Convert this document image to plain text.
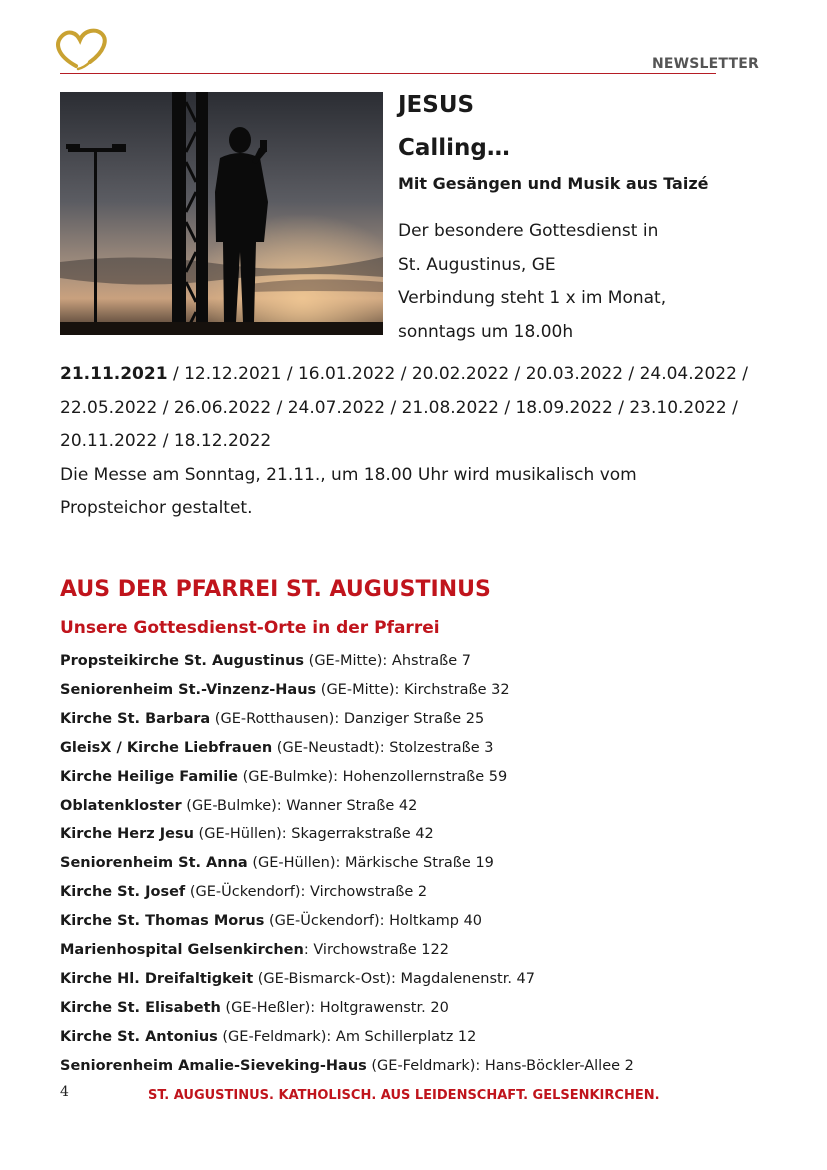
NEWSLETTER
JESUS
Calling…
Mit Gesängen und Musik aus Taizé
Der besondere Gottesdienst in
St. Augustinus, GE
Verbindung steht 1 x im Monat,
sonntags um 18.00h
21.11.2021 / 12.12.2021 / 16.01.2022 / 20.02.2022 / 20.03.2022 / 24.04.2022 /
22.05.2022 / 26.06.2022 / 24.07.2022 / 21.08.2022 / 18.09.2022 / 23.10.2022 /
20.11.2022 / 18.12.2022
Die Messe am Sonntag, 21.11., um 18.00 Uhr wird musikalisch vom
Propsteichor gestaltet.
AUS DER PFARREI ST. AUGUSTINUS
Unsere Gottesdienst-Orte in der Pfarrei
Propsteikirche St. Augustinus (GE-Mitte): Ahstraße 7
Seniorenheim St.-Vinzenz-Haus (GE-Mitte): Kirchstraße 32
Kirche St. Barbara (GE-Rotthausen): Danziger Straße 25
GleisX / Kirche Liebfrauen (GE-Neustadt): Stolzestraße 3
Kirche Heilige Familie (GE-Bulmke): Hohenzollernstraße 59
Oblatenkloster (GE-Bulmke): Wanner Straße 42
Kirche Herz Jesu (GE-Hüllen): Skagerrakstraße 42
Seniorenheim St. Anna (GE-Hüllen): Märkische Straße 19
Kirche St. Josef (GE-Ückendorf): Virchowstraße 2
Kirche St. Thomas Morus (GE-Ückendorf): Holtkamp 40
Marienhospital Gelsenkirchen: Virchowstraße 122
Kirche Hl. Dreifaltigkeit (GE-Bismarck-Ost): Magdalenenstr. 47
Kirche St. Elisabeth (GE-Heßler): Holtgrawenstr. 20
Kirche St. Antonius (GE-Feldmark): Am Schillerplatz 12
Seniorenheim Amalie-Sieveking-Haus (GE-Feldmark): Hans-Böckler-Allee 2
4	ST. AUGUSTINUS. KATHOLISCH. AUS LEIDENSCHAFT. GELSENKIRCHEN.
